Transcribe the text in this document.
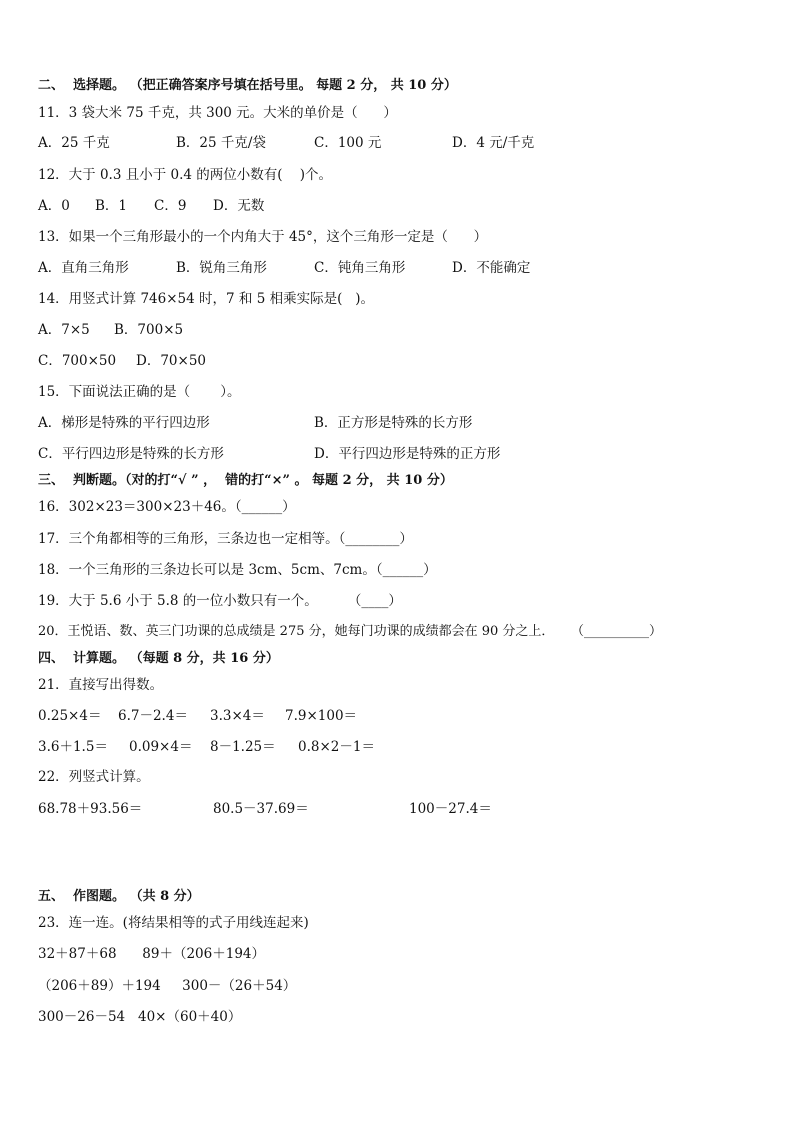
二、  选择题。 （把正确答案序号填在括号里。 每题 2 分， 共 10 分）
11．3 袋大米 75 千克，共 300 元。大米的单价是（      ）
A．25 千克	B．25 千克/袋	C．100 元	D．4 元/千克
12．大于 0.3 且小于 0.4 的两位小数有(    )个。
A．0 B．1 C．9 D．无数
13．如果一个三角形最小的一个内角大于 45°，这个三角形一定是（      ）
A．直角三角形	B．锐角三角形	C．钝角三角形	D．不能确定
14．用竖式计算 746×54 时，7 和 5 相乘实际是(   )。
A．7×5 B．700×5
C．700×50 D．70×50
15．下面说法正确的是（       ）。
A．梯形是特殊的平行四边形	B．正方形是特殊的长方形
C．平行四边形是特殊的长方形	D．平行四边形是特殊的正方形
三、  判断题。（对的打“√ ” ，  错的打“×” 。 每题 2 分， 共 10 分）
16．302×23＝300×23＋46。（______）
17．三个角都相等的三角形，三条边也一定相等。（________）
18．一个三角形的三条边长可以是 3cm、5cm、7cm。（______）
19．大于 5.6 小于 5.8 的一位小数只有一个。       （____）
20．王悦语、数、英三门功课的总成绩是 275 分，她每门功课的成绩都会在 90 分之上．    （__________）
四、  计算题。 （每题 8 分，共 16 分）
21．直接写出得数。
0.25×4＝ 6.7－2.4＝ 3.3×4＝ 7.9×100＝
3.6＋1.5＝ 0.09×4＝ 8－1.25＝ 0.8×2－1＝
22．列竖式计算。
68.78＋93.56＝	80.5－37.69＝	100－27.4＝
五、  作图题。 （共 8 分）
23．连一连。(将结果相等的式子用线连起来)
32＋87＋68      89＋（206＋194）
（206＋89）＋194     300－（26＋54）
300－26－54   40×（60＋40）
